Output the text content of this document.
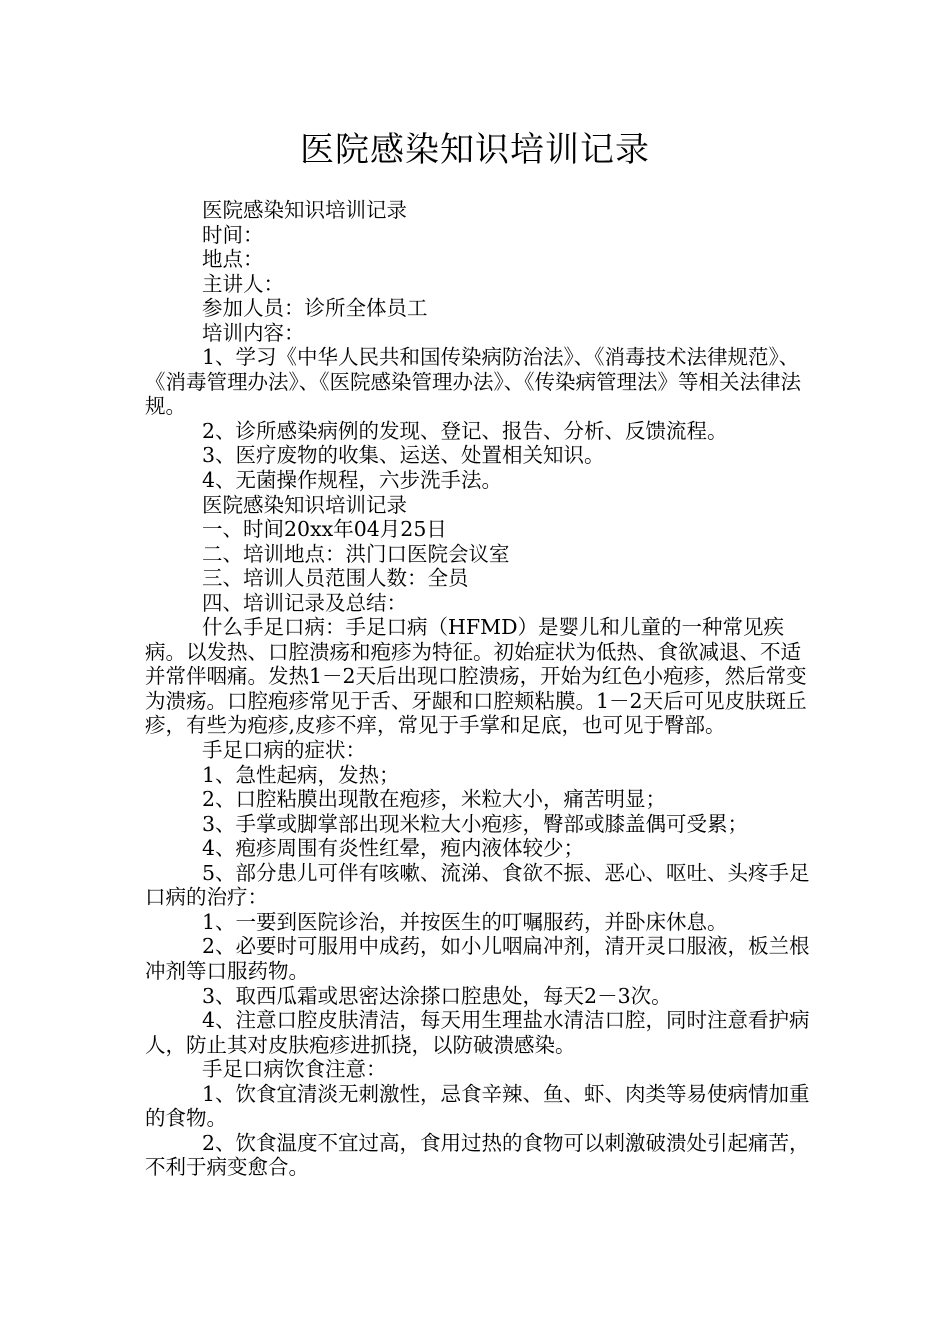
医院感染知识培训记录

医院感染知识培训记录

时间：

地点：

主讲人：

参加人员：诊所全体员工

培训内容：

1、学习《中华人民共和国传染病防治法》、《消毒技术法律规范》、《消毒管理办法》、《医院感染管理办法》、《传染病管理法》等相关法律法规。

2、诊所感染病例的发现、登记、报告、分析、反馈流程。

3、医疗废物的收集、运送、处置相关知识。

4、无菌操作规程，六步洗手法。

医院感染知识培训记录

一、时间20xx年04月25日

二、培训地点：洪门口医院会议室

三、培训人员范围人数：全员

四、培训记录及总结：

什么手足口病：手足口病（HFMD）是婴儿和儿童的一种常见疾病。以发热、口腔溃疡和疱疹为特征。初始症状为低热、食欲减退、不适并常伴咽痛。发热1－2天后出现口腔溃疡，开始为红色小疱疹，然后常变为溃疡。口腔疱疹常见于舌、牙龈和口腔颊粘膜。1－2天后可见皮肤斑丘疹，有些为疱疹,皮疹不痒，常见于手掌和足底，也可见于臀部。

手足口病的症状：

1、急性起病，发热；

2、口腔粘膜出现散在疱疹，米粒大小，痛苦明显；

3、手掌或脚掌部出现米粒大小疱疹，臀部或膝盖偶可受累；

4、疱疹周围有炎性红晕，疱内液体较少；

5、部分患儿可伴有咳嗽、流涕、食欲不振、恶心、呕吐、头疼手足口病的治疗：

1、一要到医院诊治，并按医生的叮嘱服药，并卧床休息。

2、必要时可服用中成药，如小儿咽扁冲剂，清开灵口服液，板兰根冲剂等口服药物。

3、取西瓜霜或思密达涂搽口腔患处，每天2－3次。

4、注意口腔皮肤清洁，每天用生理盐水清洁口腔，同时注意看护病人，防止其对皮肤疱疹进抓挠，以防破溃感染。

手足口病饮食注意：

1、饮食宜清淡无刺激性，忌食辛辣、鱼、虾、肉类等易使病情加重的食物。

2、饮食温度不宜过高，食用过热的食物可以刺激破溃处引起痛苦，不利于病变愈合。
